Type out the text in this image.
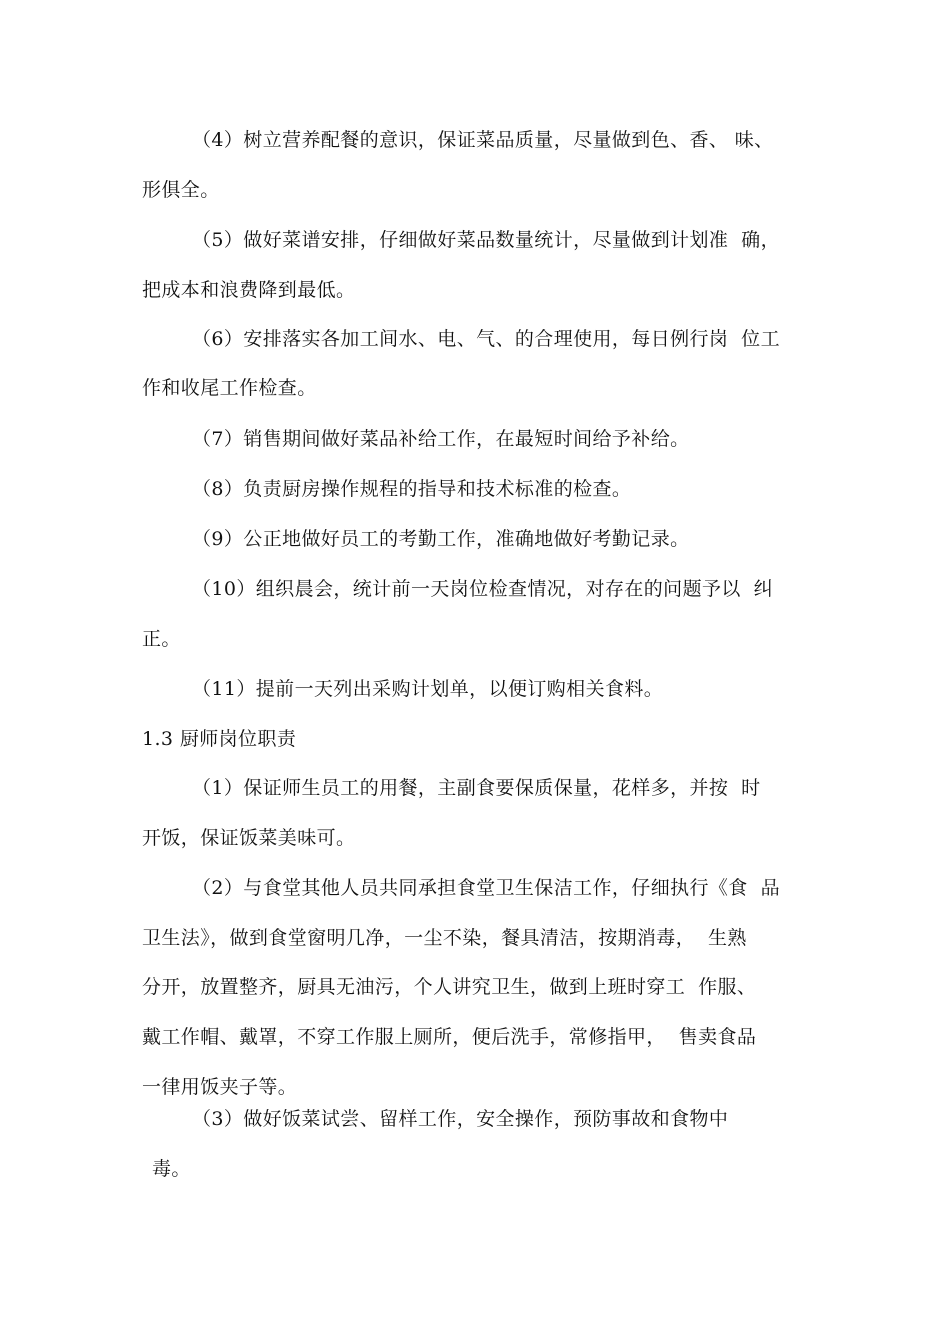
（4）树立营养配餐的意识，保证菜品质量，尽量做到色、香、 味、
形俱全。
（5）做好菜谱安排，仔细做好菜品数量统计，尽量做到计划准  确，
把成本和浪费降到最低。
（6）安排落实各加工间水、电、气、的合理使用，每日例行岗  位工
作和收尾工作检查。
（7）销售期间做好菜品补给工作，在最短时间给予补给。
（8）负责厨房操作规程的指导和技术标准的检查。
（9）公正地做好员工的考勤工作，准确地做好考勤记录。
（10）组织晨会，统计前一天岗位检查情况，对存在的问题予以  纠
正。
（11）提前一天列出采购计划单，以便订购相关食料。
1.3 厨师岗位职责
（1）保证师生员工的用餐，主副食要保质保量，花样多，并按  时
开饭，保证饭菜美味可。
（2）与食堂其他人员共同承担食堂卫生保洁工作，仔细执行《食  品
卫生法》，做到食堂窗明几净，一尘不染，餐具清洁，按期消毒，  生熟
分开，放置整齐，厨具无油污，个人讲究卫生，做到上班时穿工  作服、
戴工作帽、戴罩，不穿工作服上厕所，便后洗手，常修指甲，  售卖食品
一律用饭夹子等。
（3）做好饭菜试尝、留样工作，安全操作，预防事故和食物中
毒。
